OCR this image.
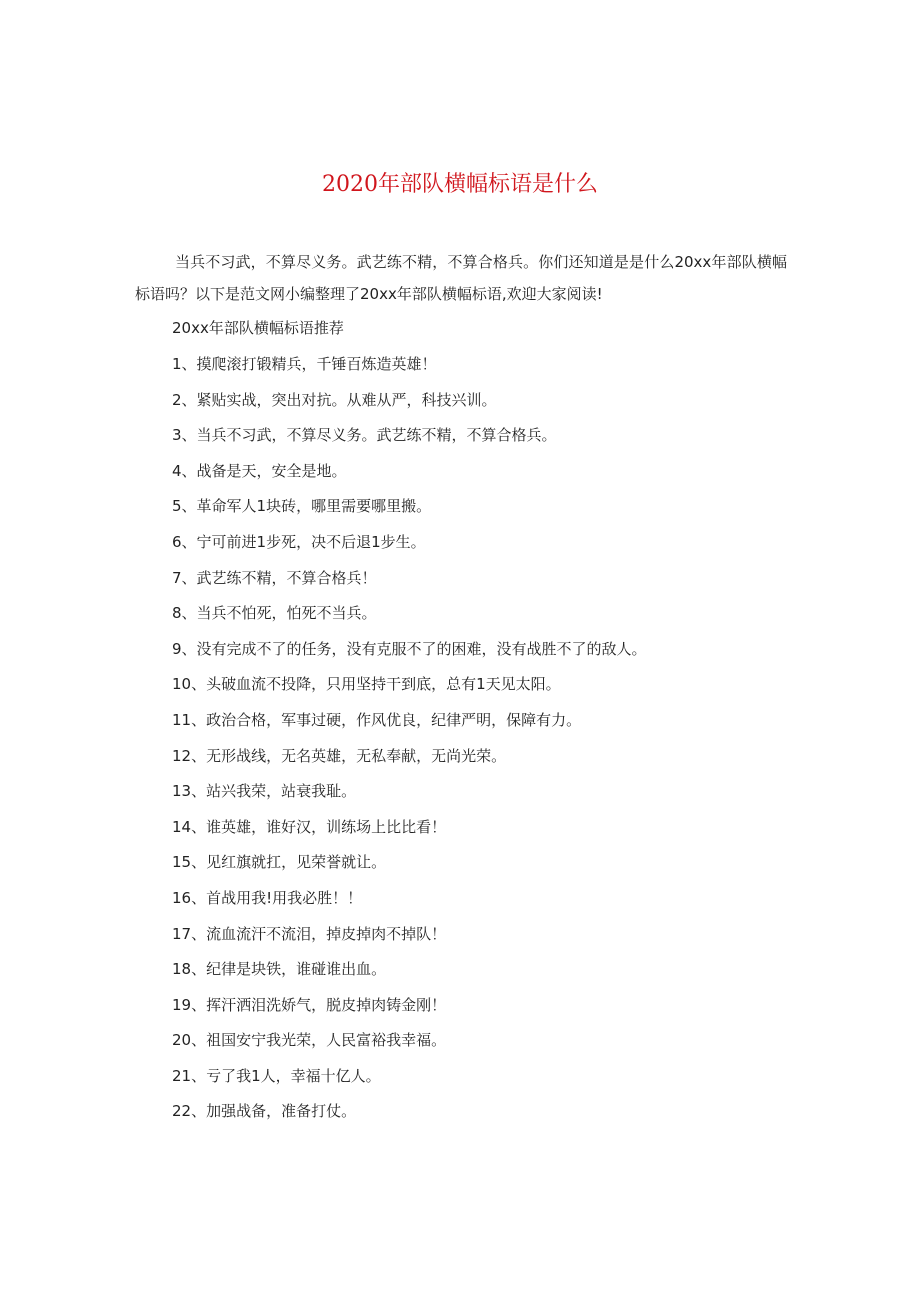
2020年部队横幅标语是什么

当兵不习武，不算尽义务。武艺练不精，不算合格兵。你们还知道是是什么20xx年部队横幅标语吗？以下是范文网小编整理了20xx年部队横幅标语,欢迎大家阅读!

20xx年部队横幅标语推荐

1、摸爬滚打锻精兵，千锤百炼造英雄！
2、紧贴实战，突出对抗。从难从严，科技兴训。
3、当兵不习武，不算尽义务。武艺练不精，不算合格兵。
4、战备是天，安全是地。
5、革命军人1块砖，哪里需要哪里搬。
6、宁可前进1步死，决不后退1步生。
7、武艺练不精，不算合格兵！
8、当兵不怕死，怕死不当兵。
9、没有完成不了的任务，没有克服不了的困难，没有战胜不了的敌人。
10、头破血流不投降，只用坚持干到底，总有1天见太阳。
11、政治合格，军事过硬，作风优良，纪律严明，保障有力。
12、无形战线，无名英雄，无私奉献，无尚光荣。
13、站兴我荣，站衰我耻。
14、谁英雄，谁好汉，训练场上比比看！
15、见红旗就扛，见荣誉就让。
16、首战用我!用我必胜！！
17、流血流汗不流泪，掉皮掉肉不掉队！
18、纪律是块铁，谁碰谁出血。
19、挥汗洒泪洗娇气，脱皮掉肉铸金刚！
20、祖国安宁我光荣，人民富裕我幸福。
21、亏了我1人，幸福十亿人。
22、加强战备，准备打仗。
